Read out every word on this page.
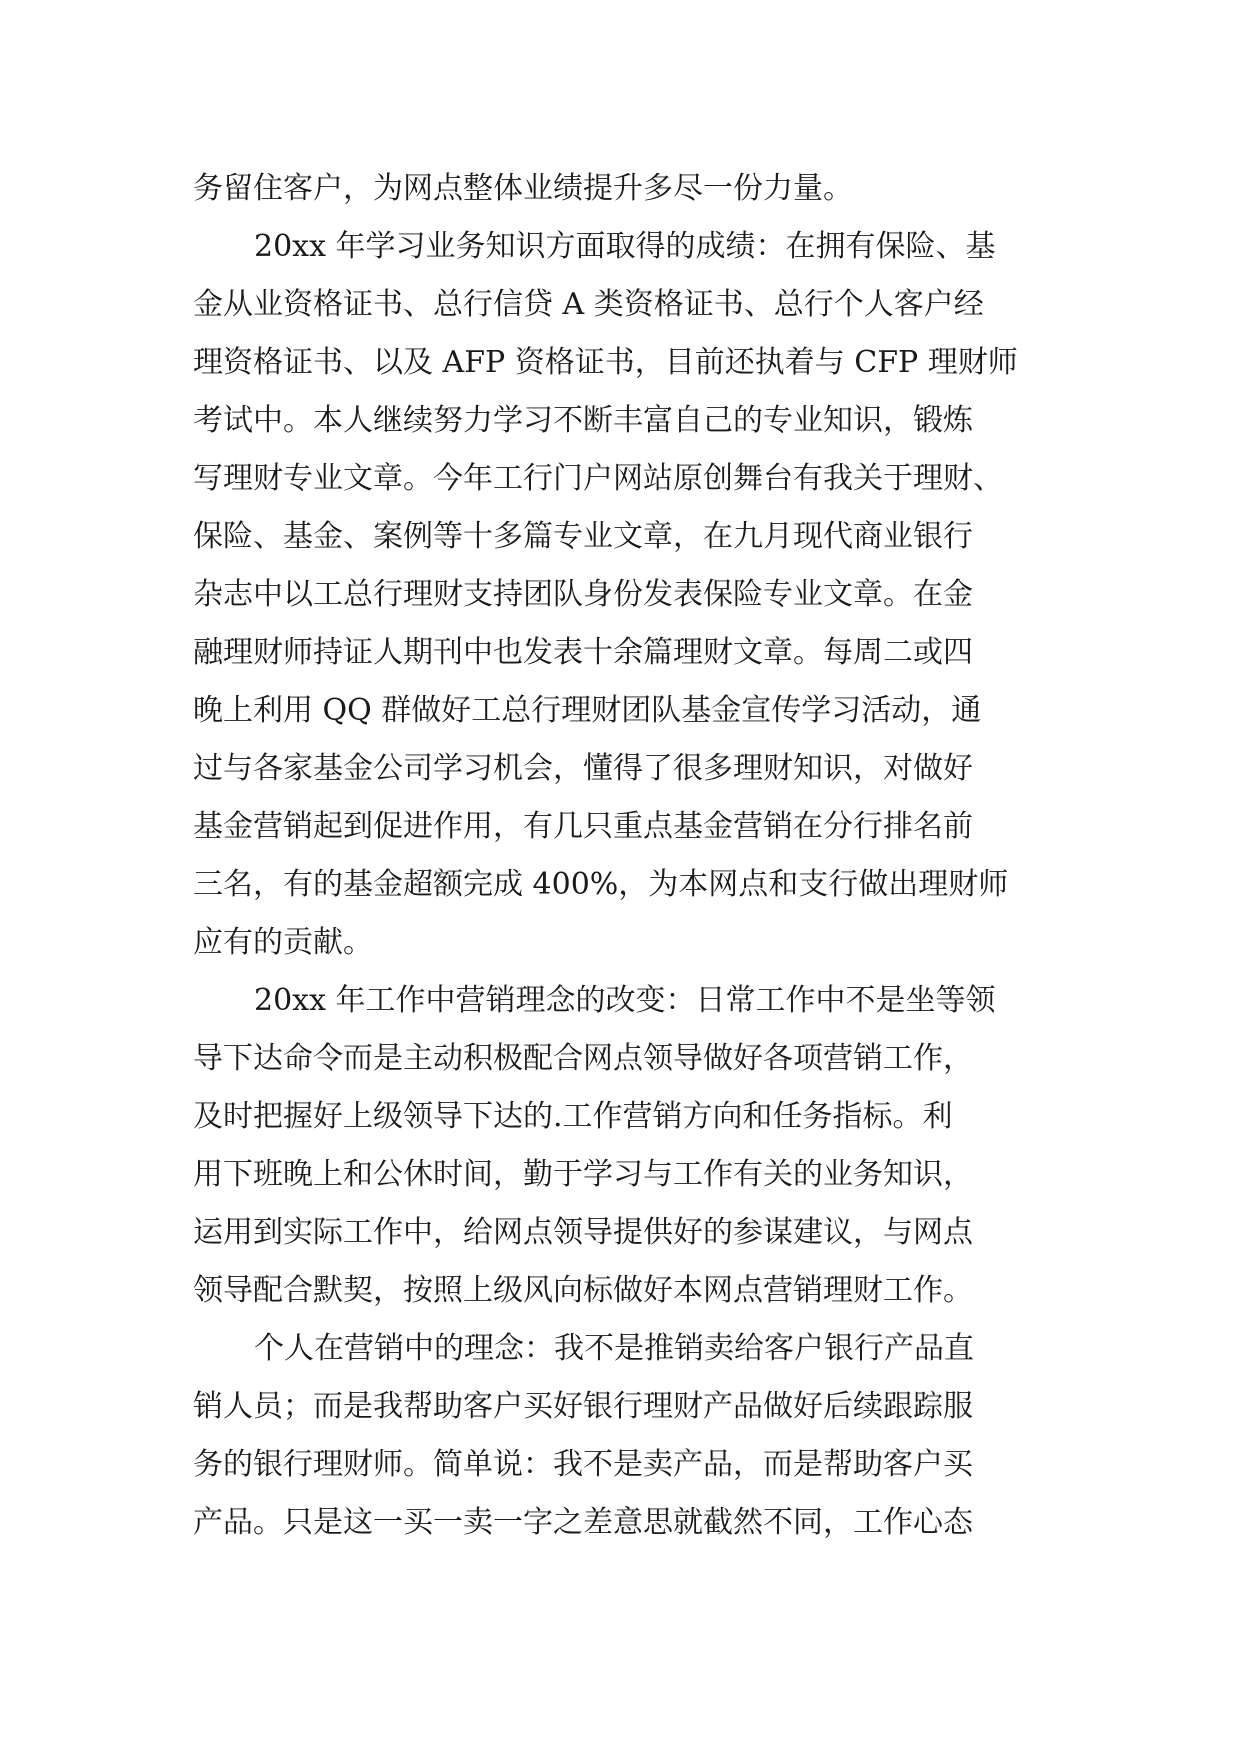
务留住客户，为网点整体业绩提升多尽一份力量。
20xx 年学习业务知识方面取得的成绩：在拥有保险、基
金从业资格证书、总行信贷 A 类资格证书、总行个人客户经
理资格证书、以及 AFP 资格证书，目前还执着与 CFP 理财师
考试中。本人继续努力学习不断丰富自己的专业知识，锻炼
写理财专业文章。今年工行门户网站原创舞台有我关于理财、
保险、基金、案例等十多篇专业文章，在九月现代商业银行
杂志中以工总行理财支持团队身份发表保险专业文章。在金
融理财师持证人期刊中也发表十余篇理财文章。每周二或四
晚上利用 QQ 群做好工总行理财团队基金宣传学习活动，通
过与各家基金公司学习机会，懂得了很多理财知识，对做好
基金营销起到促进作用，有几只重点基金营销在分行排名前
三名，有的基金超额完成 400%，为本网点和支行做出理财师
应有的贡献。
20xx 年工作中营销理念的改变：日常工作中不是坐等领
导下达命令而是主动积极配合网点领导做好各项营销工作，
及时把握好上级领导下达的.工作营销方向和任务指标。利
用下班晚上和公休时间，勤于学习与工作有关的业务知识，
运用到实际工作中，给网点领导提供好的参谋建议，与网点
领导配合默契，按照上级风向标做好本网点营销理财工作。
个人在营销中的理念：我不是推销卖给客户银行产品直
销人员；而是我帮助客户买好银行理财产品做好后续跟踪服
务的银行理财师。简单说：我不是卖产品，而是帮助客户买
产品。只是这一买一卖一字之差意思就截然不同，工作心态
